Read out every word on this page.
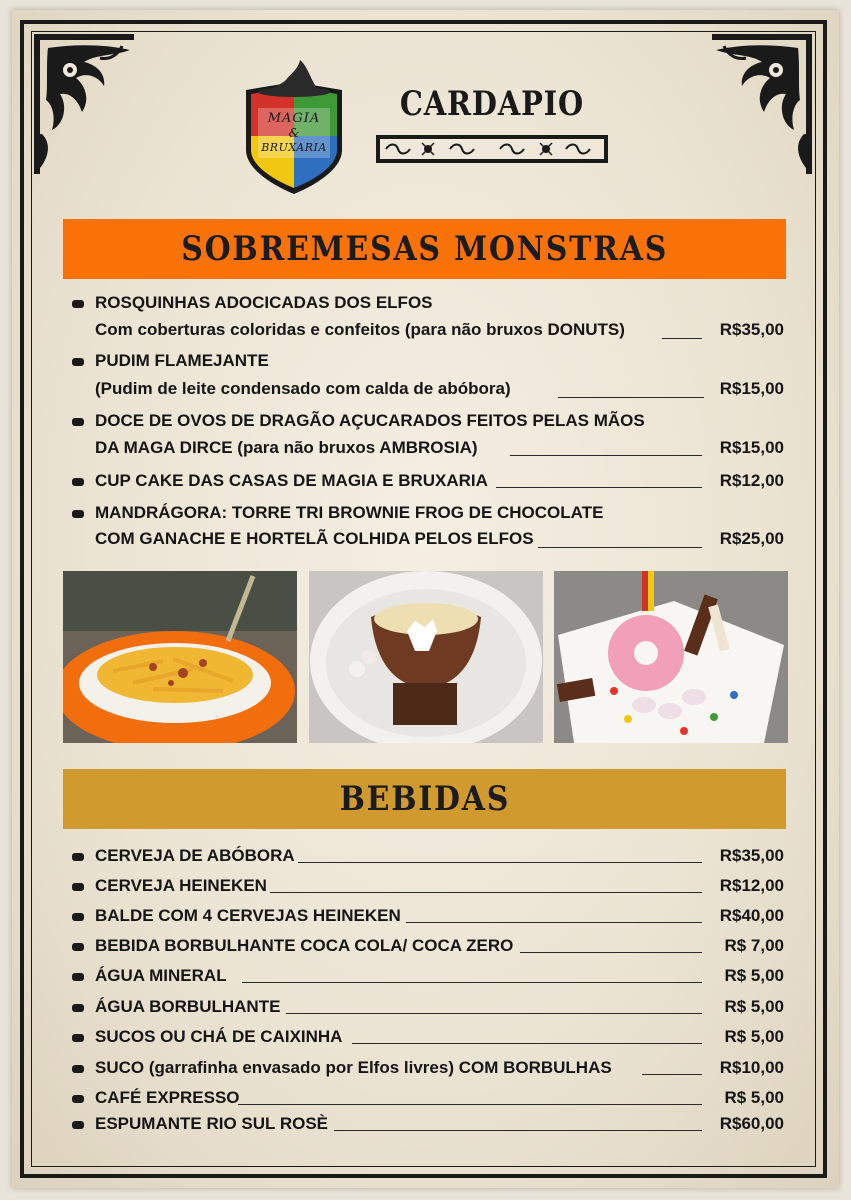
MAGIA
&
BRUXARIA
CARDAPIO
SOBREMESAS MONSTRAS
ROSQUINHAS ADOCICADAS DOS ELFOS
Com coberturas coloridas e confeitos (para não bruxos DONUTS)	R$35,00
PUDIM FLAMEJANTE
(Pudim de leite condensado com calda de abóbora)	R$15,00
DOCE DE OVOS DE DRAGÃO AÇUCARADOS FEITOS PELAS MÃOS
DA MAGA DIRCE (para não bruxos AMBROSIA)	R$15,00
CUP CAKE DAS CASAS DE MAGIA E BRUXARIA	R$12,00
MANDRÁGORA: TORRE TRI BROWNIE FROG DE CHOCOLATE
COM GANACHE E HORTELÃ COLHIDA PELOS ELFOS	R$25,00
BEBIDAS
CERVEJA DE ABÓBORA	R$35,00
CERVEJA HEINEKEN	R$12,00
BALDE COM 4 CERVEJAS HEINEKEN	R$40,00
BEBIDA BORBULHANTE COCA COLA/ COCA ZERO	R$ 7,00
ÁGUA MINERAL	R$ 5,00
ÁGUA BORBULHANTE	R$ 5,00
SUCOS OU CHÁ DE CAIXINHA	R$ 5,00
SUCO (garrafinha envasado por Elfos livres) COM BORBULHAS	R$10,00
CAFÉ EXPRESSO	R$ 5,00
ESPUMANTE RIO SUL ROSÈ	R$60,00
